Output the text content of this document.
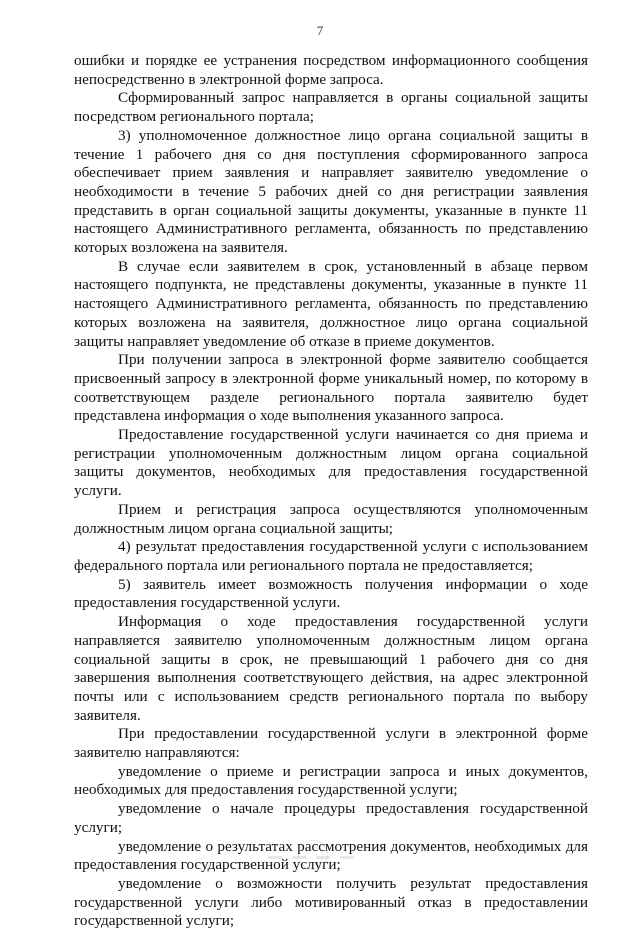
7

ошибки и порядке ее устранения посредством информационного сообщения непосредственно в электронной форме запроса.

Сформированный запрос направляется в органы социальной защиты посредством регионального портала;

3) уполномоченное должностное лицо органа социальной защиты в течение 1 рабочего дня со дня поступления сформированного запроса обеспечивает прием заявления и направляет заявителю уведомление о необходимости в течение 5 рабочих дней со дня регистрации заявления представить в орган социальной защиты документы, указанные в пункте 11 настоящего Административного регламента, обязанность по представлению которых возложена на заявителя.

В случае если заявителем в срок, установленный в абзаце первом настоящего подпункта, не представлены документы, указанные в пункте 11 настоящего Административного регламента, обязанность по представлению которых возложена на заявителя, должностное лицо органа социальной защиты направляет уведомление об отказе в приеме документов.

При получении запроса в электронной форме заявителю сообщается присвоенный запросу в электронной форме уникальный номер, по которому в соответствующем разделе регионального портала заявителю будет представлена информация о ходе выполнения указанного запроса.

Предоставление государственной услуги начинается со дня приема и регистрации уполномоченным должностным лицом органа социальной защиты документов, необходимых для предоставления государственной услуги.

Прием и регистрация запроса осуществляются уполномоченным должностным лицом органа социальной защиты;

4) результат предоставления государственной услуги с использованием федерального портала или регионального портала не предоставляется;

5) заявитель имеет возможность получения информации о ходе предоставления государственной услуги.

Информация о ходе предоставления государственной услуги направляется заявителю уполномоченным должностным лицом органа социальной защиты в срок, не превышающий 1 рабочего дня со дня завершения выполнения соответствующего действия, на адрес электронной почты или с использованием средств регионального портала по выбору заявителя.

При предоставлении государственной услуги в электронной форме заявителю направляются:

уведомление о приеме и регистрации запроса и иных документов, необходимых для предоставления государственной услуги;

уведомление о начале процедуры предоставления государственной услуги;

уведомление о результатах рассмотрения документов, необходимых для предоставления государственной услуги;

уведомление о возможности получить результат предоставления государственной услуги либо мотивированный отказ в предоставлении государственной услуги;
